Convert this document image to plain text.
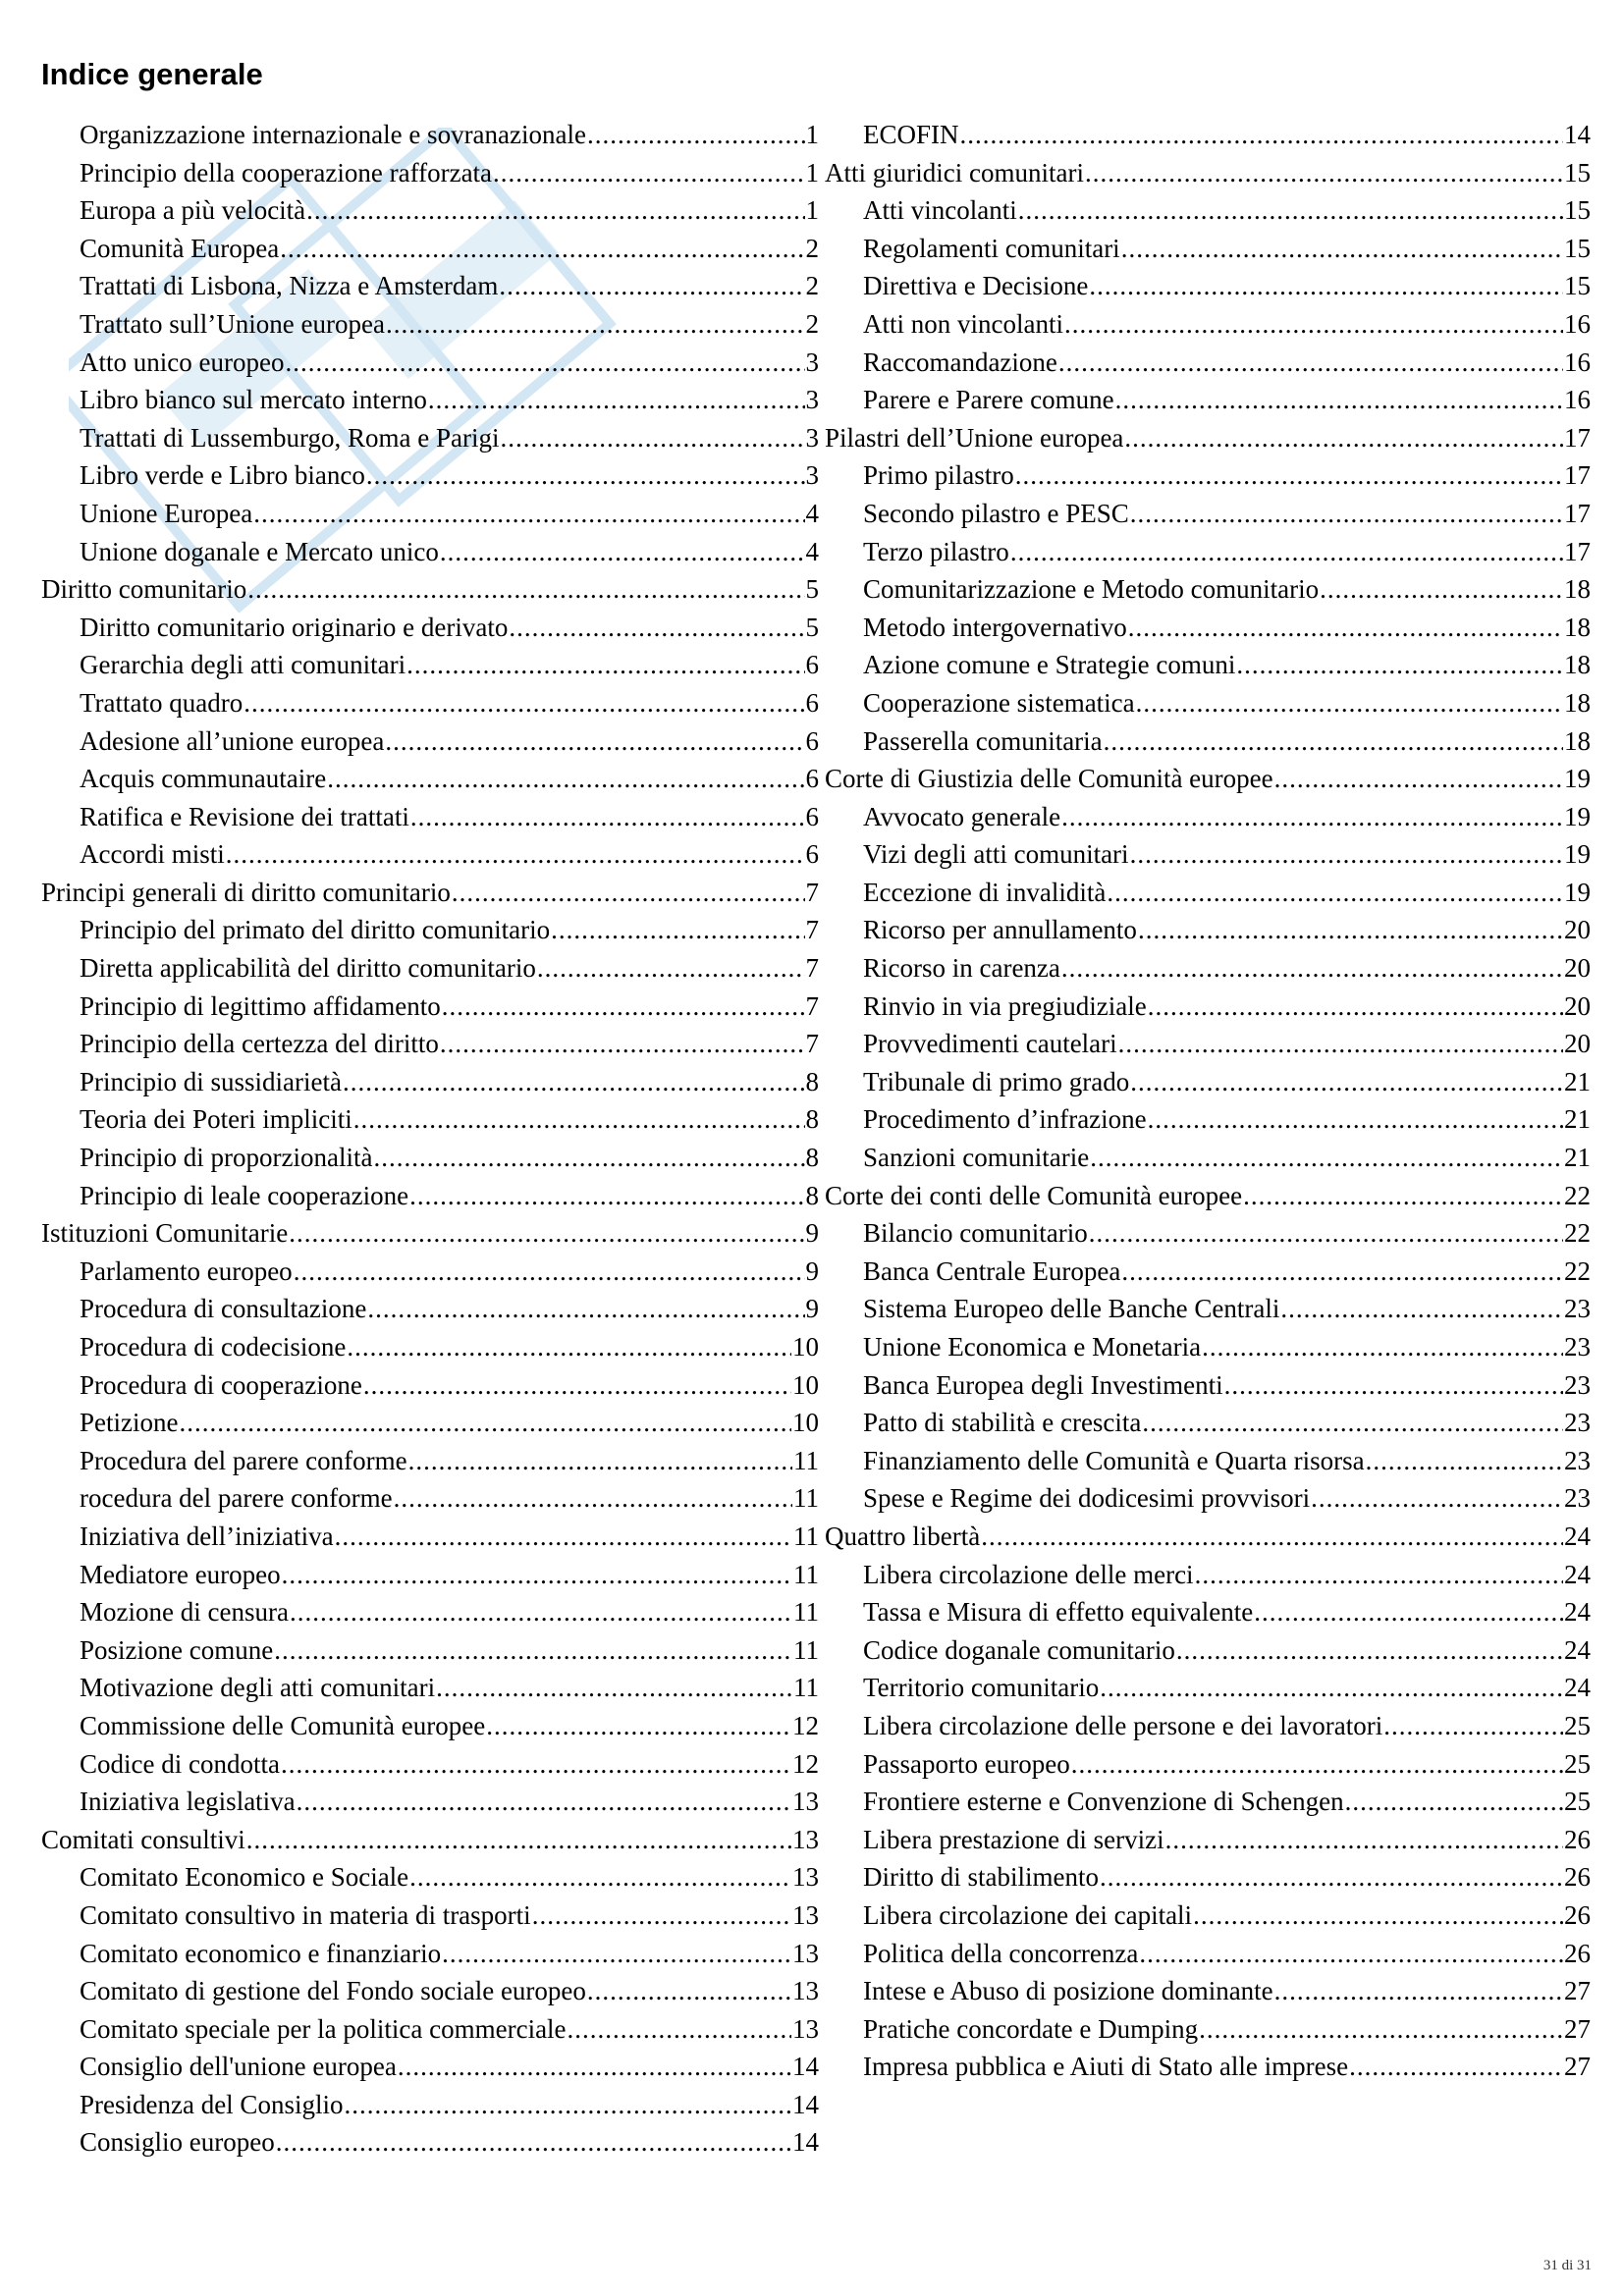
Indice generale
Organizzazione internazionale e sovranazionale .....	1
Principio della cooperazione rafforzata .....	1
Europa a più velocità .....	1
Comunità Europea .....	2
Trattati di Lisbona, Nizza e Amsterdam .....	2
Trattato sull’Unione europea .....	2
Atto unico europeo .....	3
Libro bianco sul mercato interno .....	3
Trattati di Lussemburgo, Roma e Parigi .....	3
Libro verde e Libro bianco .....	3
Unione Europea .....	4
Unione doganale e Mercato unico .....	4
Diritto comunitario .....	5
Diritto comunitario originario e derivato .....	5
Gerarchia degli atti comunitari .....	6
Trattato quadro .....	6
Adesione all’unione europea .....	6
Acquis communautaire .....	6
Ratifica e Revisione dei trattati .....	6
Accordi misti .....	6
Principi generali di diritto comunitario .....	7
Principio del primato del diritto comunitario .....	7
Diretta applicabilità del diritto comunitario .....	7
Principio di legittimo affidamento .....	7
Principio della certezza del diritto .....	7
Principio di sussidiarietà .....	8
Teoria dei Poteri impliciti .....	8
Principio di proporzionalità .....	8
Principio di leale cooperazione .....	8
Istituzioni Comunitarie .....	9
Parlamento europeo .....	9
Procedura di consultazione .....	9
Procedura di codecisione .....	10
Procedura di cooperazione .....	10
Petizione .....	10
Procedura del parere conforme .....	11
rocedura del parere conforme .....	11
Iniziativa dell’iniziativa .....	11
Mediatore europeo .....	11
Mozione di censura .....	11
Posizione comune .....	11
Motivazione degli atti comunitari .....	11
Commissione delle Comunità europee .....	12
Codice di condotta .....	12
Iniziativa legislativa .....	13
Comitati consultivi .....	13
Comitato Economico e Sociale .....	13
Comitato consultivo in materia di trasporti .....	13
Comitato economico e finanziario .....	13
Comitato di gestione del Fondo sociale europeo .....	13
Comitato speciale per la politica commerciale .....	13
Consiglio dell'unione europea .....	14
Presidenza del Consiglio .....	14
Consiglio europeo .....	14
ECOFIN .....	14
Atti giuridici comunitari .....	15
Atti vincolanti .....	15
Regolamenti comunitari .....	15
Direttiva e Decisione .....	15
Atti non vincolanti .....	16
Raccomandazione .....	16
Parere e Parere comune .....	16
Pilastri dell’Unione europea .....	17
Primo pilastro .....	17
Secondo pilastro e PESC .....	17
Terzo pilastro .....	17
Comunitarizzazione e Metodo comunitario .....	18
Metodo intergovernativo .....	18
Azione comune e Strategie comuni .....	18
Cooperazione sistematica .....	18
Passerella comunitaria .....	18
Corte di Giustizia delle Comunità europee .....	19
Avvocato generale .....	19
Vizi degli atti comunitari .....	19
Eccezione di invalidità .....	19
Ricorso per annullamento .....	20
Ricorso in carenza .....	20
Rinvio in via pregiudiziale .....	20
Provvedimenti cautelari .....	20
Tribunale di primo grado .....	21
Procedimento d’infrazione .....	21
Sanzioni comunitarie .....	21
Corte dei conti delle Comunità europee .....	22
Bilancio comunitario .....	22
Banca Centrale Europea .....	22
Sistema Europeo delle Banche Centrali .....	23
Unione Economica e Monetaria .....	23
Banca Europea degli Investimenti .....	23
Patto di stabilità e crescita .....	23
Finanziamento delle Comunità e Quarta risorsa .....	23
Spese e Regime dei dodicesimi provvisori .....	23
Quattro libertà .....	24
Libera circolazione delle merci .....	24
Tassa e Misura di effetto equivalente .....	24
Codice doganale comunitario .....	24
Territorio comunitario .....	24
Libera circolazione delle persone e dei lavoratori .....	25
Passaporto europeo .....	25
Frontiere esterne e Convenzione di Schengen .....	25
Libera prestazione di servizi .....	26
Diritto di stabilimento .....	26
Libera circolazione dei capitali .....	26
Politica della concorrenza .....	26
Intese e Abuso di posizione dominante .....	27
Pratiche concordate e Dumping .....	27
Impresa pubblica e Aiuti di Stato alle imprese .....	27
31 di 31
